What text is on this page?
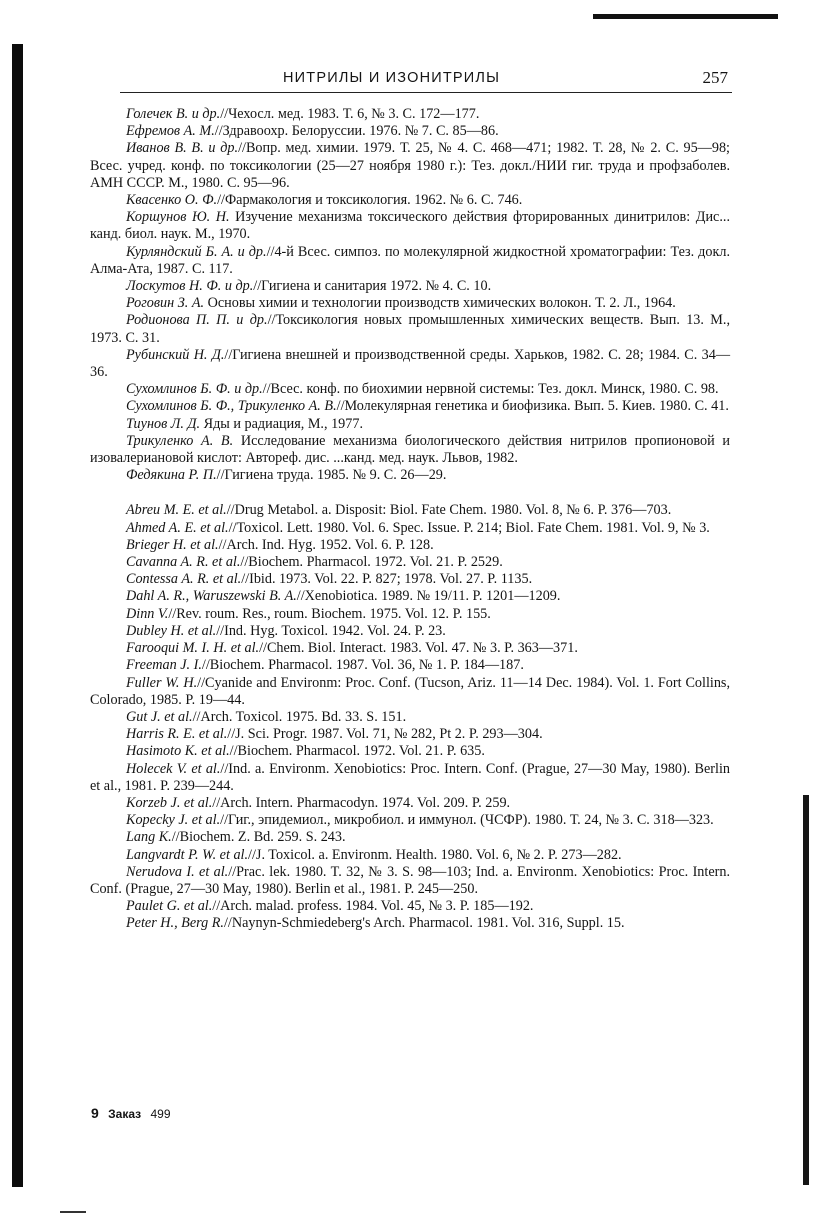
НИТРИЛЫ И ИЗОНИТРИЛЫ	257

Голечек В. и др.//Чехосл. мед. 1983. Т. 6, № 3. С. 172—177.

Ефремов А. М.//Здравоохр. Белоруссии. 1976. № 7. С. 85—86.

Иванов В. В. и др.//Вопр. мед. химии. 1979. Т. 25, № 4. С. 468—471; 1982. Т. 28, № 2. С. 95—98; Всес. учред. конф. по токсикологии (25—27 ноября 1980 г.): Тез. докл./НИИ гиг. труда и профзаболев. АМН СССР. М., 1980. С. 95—96.

Квасенко О. Ф.//Фармакология и токсикология. 1962. № 6. С. 746.

Коршунов Ю. Н. Изучение механизма токсического действия фторированных динитрилов: Дис... канд. биол. наук. М., 1970.

Курляндский Б. А. и др.//4-й Всес. симпоз. по молекулярной жидкостной хроматографии: Тез. докл. Алма-Ата, 1987. С. 117.

Лоскутов Н. Ф. и др.//Гигиена и санитария 1972. № 4. С. 10.

Роговин З. А. Основы химии и технологии производств химических волокон. Т. 2. Л., 1964.

Родионова П. П. и др.//Токсикология новых промышленных химических веществ. Вып. 13. М., 1973. С. 31.

Рубинский Н. Д.//Гигиена внешней и производственной среды. Харьков, 1982. С. 28; 1984. С. 34—36.

Сухомлинов Б. Ф. и др.//Всес. конф. по биохимии нервной системы: Тез. докл. Минск, 1980. С. 98.

Сухомлинов Б. Ф., Трикуленко А. В.//Молекулярная генетика и биофизика. Вып. 5. Киев. 1980. С. 41.

Тиунов Л. Д. Яды и радиация, М., 1977.

Трикуленко А. В. Исследование механизма биологического действия нитрилов пропионовой и изовалериановой кислот: Автореф. дис. ...канд. мед. наук. Львов, 1982.

Федякина Р. П.//Гигиена труда. 1985. № 9. С. 26—29.

Abreu M. E. et al.//Drug Metabol. a. Disposit: Biol. Fate Chem. 1980. Vol. 8, № 6. P. 376—703.

Ahmed A. E. et al.//Toxicol. Lett. 1980. Vol. 6. Spec. Issue. P. 214; Biol. Fate Chem. 1981. Vol. 9, № 3.

Brieger H. et al.//Arch. Ind. Hyg. 1952. Vol. 6. P. 128.

Cavanna A. R. et al.//Biochem. Pharmacol. 1972. Vol. 21. P. 2529.

Contessa A. R. et al.//Ibid. 1973. Vol. 22. P. 827; 1978. Vol. 27. P. 1135.

Dahl A. R., Waruszewski B. A.//Xenobiotica. 1989. № 19/11. P. 1201—1209.

Dinn V.//Rev. roum. Res., roum. Biochem. 1975. Vol. 12. P. 155.

Dubley H. et al.//Ind. Hyg. Toxicol. 1942. Vol. 24. P. 23.

Farooqui M. I. H. et al.//Chem. Biol. Interact. 1983. Vol. 47. № 3. P. 363—371.

Freeman J. I.//Biochem. Pharmacol. 1987. Vol. 36, № 1. P. 184—187.

Fuller W. H.//Cyanide and Environm: Proc. Conf. (Tucson, Ariz. 11—14 Dec. 1984). Vol. 1. Fort Collins, Colorado, 1985. P. 19—44.

Gut J. et al.//Arch. Toxicol. 1975. Bd. 33. S. 151.

Harris R. E. et al.//J. Sci. Progr. 1987. Vol. 71, № 282, Pt 2. P. 293—304.

Hasimoto K. et al.//Biochem. Pharmacol. 1972. Vol. 21. P. 635.

Holecek V. et al.//Ind. a. Environm. Xenobiotics: Proc. Intern. Conf. (Prague, 27—30 May, 1980). Berlin et al., 1981. P. 239—244.

Korzeb J. et al.//Arch. Intern. Pharmacodyn. 1974. Vol. 209. P. 259.

Kopecky J. et al.//Гиг., эпидемиол., микробиол. и иммунол. (ЧСФР). 1980. Т. 24, № 3. С. 318—323.

Lang K.//Biochem. Z. Bd. 259. S. 243.

Langvardt P. W. et al.//J. Toxicol. a. Environm. Health. 1980. Vol. 6, № 2. P. 273—282.

Nerudova I. et al.//Prac. lek. 1980. T. 32, № 3. S. 98—103; Ind. a. Environm. Xenobiotics: Proc. Intern. Conf. (Prague, 27—30 May, 1980). Berlin et al., 1981. P. 245—250.

Paulet G. et al.//Arch. malad. profess. 1984. Vol. 45, № 3. P. 185—192.

Peter H., Berg R.//Naynyn-Schmiedeberg's Arch. Pharmacol. 1981. Vol. 316, Suppl. 15.

9 Заказ 499
